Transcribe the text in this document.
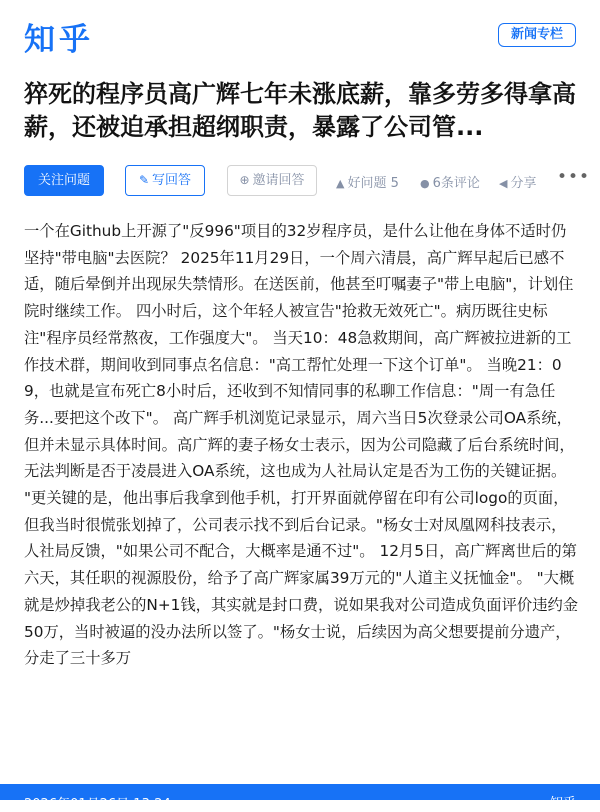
知乎	新闻专栏
猝死的程序员高广辉七年未涨底薪，靠多劳多得拿高薪，还被迫承担超纲职责，暴露了公司管...
关注问题	✎ 写回答	⊕ 邀请回答	▲ 好问题 5 ● 6条评论 ◀ 分享 •••
一个在Github上开源了"反996"项目的32岁程序员，是什么让他在身体不适时仍坚持"带电脑"去医院？ 2025年11月29日，一个周六清晨，高广辉早起后已感不适，随后晕倒并出现尿失禁情形。在送医前，他甚至叮嘱妻子"带上电脑"，计划住院时继续工作。 四小时后，这个年轻人被宣告"抢救无效死亡"。病历既往史标注"程序员经常熬夜，工作强度大"。 当天10：48急救期间，高广辉被拉进新的工作技术群，期间收到同事点名信息："高工帮忙处理一下这个订单"。 当晚21：09，也就是宣布死亡8小时后，还收到不知情同事的私聊工作信息："周一有急任务...要把这个改下"。 高广辉手机浏览记录显示，周六当日5次登录公司OA系统，但并未显示具体时间。高广辉的妻子杨女士表示，因为公司隐藏了后台系统时间，无法判断是否于凌晨进入OA系统，这也成为人社局认定是否为工伤的关键证据。 "更关键的是，他出事后我拿到他手机，打开界面就停留在印有公司logo的页面，但我当时很慌张划掉了，公司表示找不到后台记录。"杨女士对凤凰网科技表示，人社局反馈，"如果公司不配合，大概率是通不过"。 12月5日，高广辉离世后的第六天，其任职的视源股份，给予了高广辉家属39万元的"人道主义抚恤金"。 "大概就是炒掉我老公的N+1钱，其实就是封口费，说如果我对公司造成负面评价违约金50万，当时被逼的没办法所以签了。"杨女士说，后续因为高父想要提前分遗产，分走了三十多万
2026年01月26日 13:24	知乎
